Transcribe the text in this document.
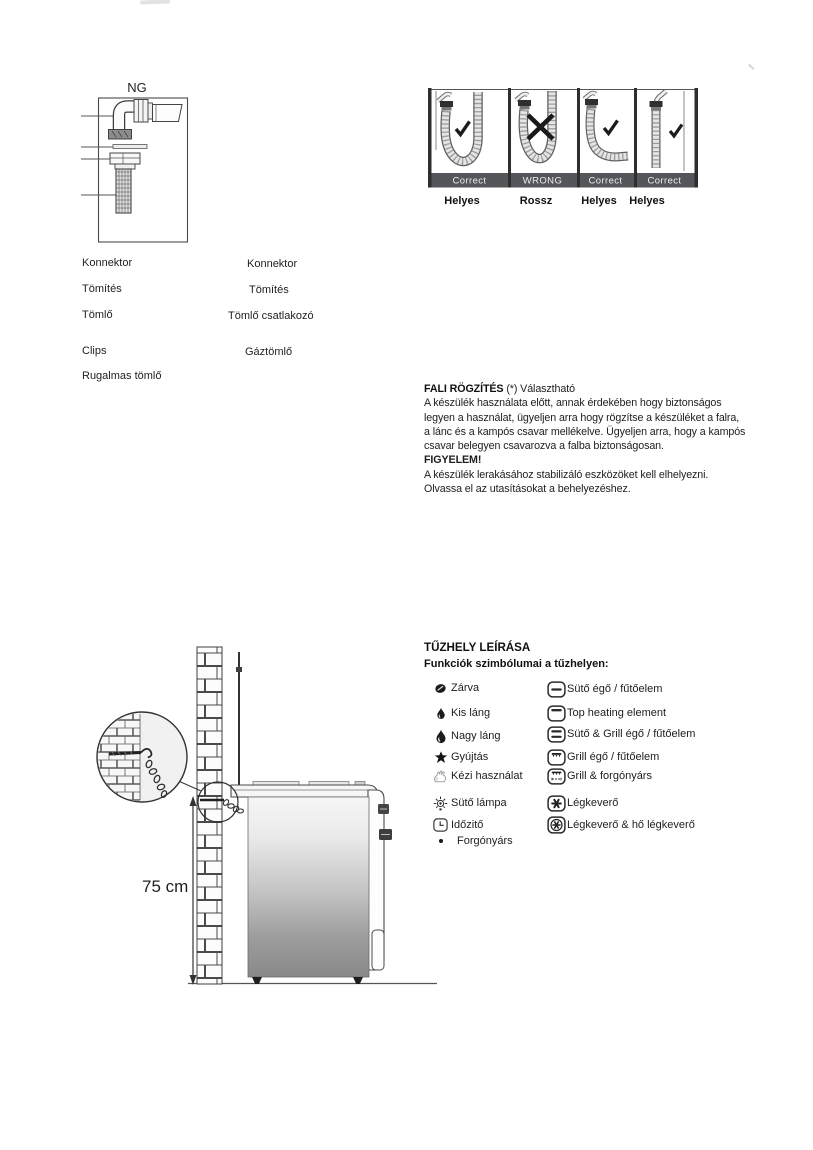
NG
Correct	WRONG	Correct	Correct
Helyes	Rossz	Helyes Helyes
Konnektor
Tömítés
Tömlő
Clips
Rugalmas tömlő
Konnektor
Tömítés
Tömlő csatlakozó
Gáztömlő
FALI RÖGZÍTÉS (*) Választható
A készülék használata előtt, annak érdekében hogy biztonságos
legyen a használat, ügyeljen arra hogy rögzítse a készüléket a falra,
a lánc és a kampós csavar mellékelve. Ügyeljen arra, hogy a kampós
csavar belegyen csavarozva a falba biztonságosan.
FIGYELEM!
A készülék lerakásához stabilizáló eszközöket kell elhelyezni.
Olvassa el az utasításokat a behelyezéshez.
75 cm
TŰZHELY LEÍRÁSA
Funkciók szimbólumai a tűzhelyen:
Zárva
Kis láng
Nagy láng
Gyújtás
Kézi használat
Sütő lámpa
Időzitő
Forgónyárs
Sütő égő / fűtőelem
Top heating element
Sütő & Grill égő / fűtőelem
Grill égő / fűtőelem
Grill & forgónyárs
Légkeverő
Légkeverő & hő légkeverő
